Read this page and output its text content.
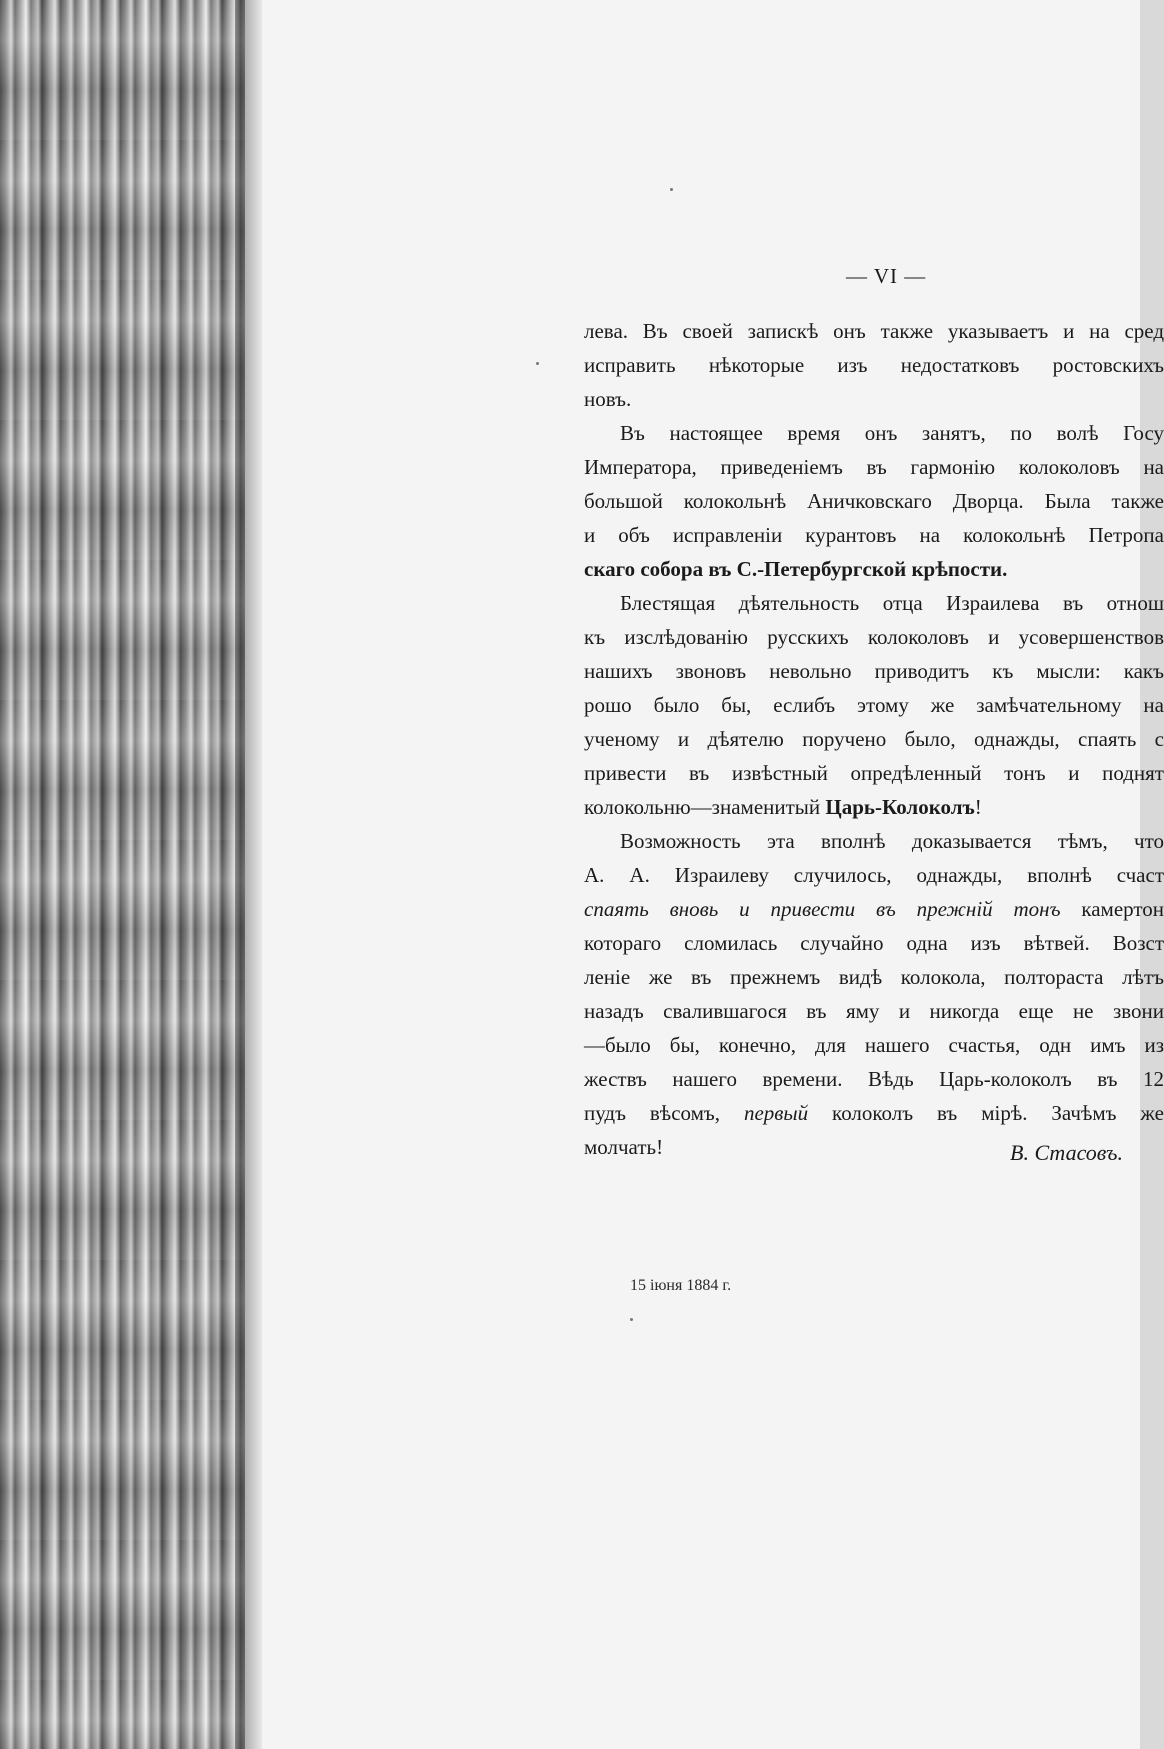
— VI —
лева. Въ своей запискѣ онъ также указываетъ и на сред
исправить нѣкоторые изъ недостатковъ ростовскихъ
новъ.
Въ настоящее время онъ занятъ, по волѣ Госу
Императора, приведеніемъ въ гармонію колоколовъ на
большой колокольнѣ Аничковскаго Дворца. Была также
и объ исправленіи курантовъ на колокольнѣ Петропа
скаго собора въ С.-Петербургской крѣпости.
Блестящая дѣятельность отца Израилева въ отнош
къ изслѣдованію русскихъ колоколовъ и усовершенствов
нашихъ звоновъ невольно приводитъ къ мысли: какъ
рошо было бы, еслибъ этому же замѣчательному на
ученому и дѣятелю поручено было, однажды, спаять с
привести въ извѣстный опредѣленный тонъ и поднят
колокольню—знаменитый Царь-Колоколъ!
Возможность эта вполнѣ доказывается тѣмъ, что
А. А. Израилеву случилось, однажды, вполнѣ счаст
спаять вновь и привести въ прежній тонъ камертон
котораго сломилась случайно одна изъ вѣтвей. Возст
леніе же въ прежнемъ видѣ колокола, полтораста лѣтъ
назадъ свалившагося въ яму и никогда еще не звони
—было бы, конечно, для нашего счастья, одн имъ из
жествъ нашего времени. Вѣдь Царь-колоколъ въ 12
пудъ вѣсомъ, первый колоколъ въ мірѣ. Зачѣмъ же
молчать!	В. Стасовъ.
15 іюня 1884 г.
